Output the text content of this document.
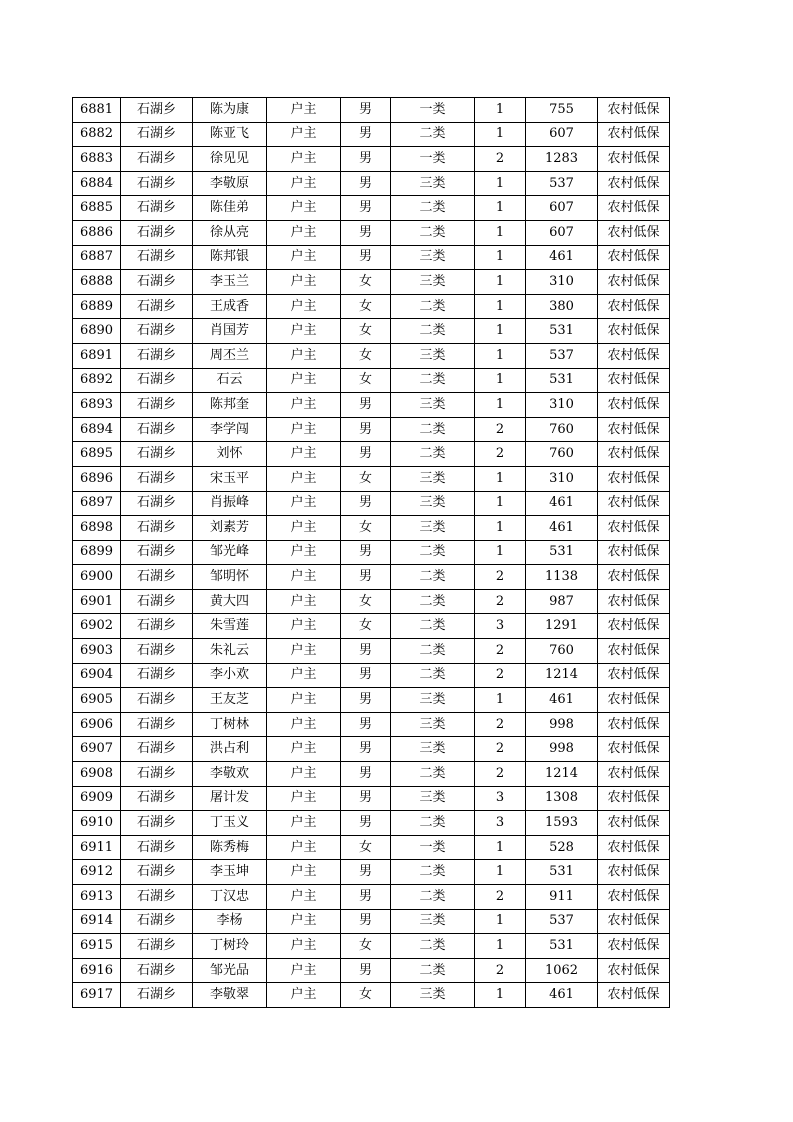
6881	石湖乡	陈为康	户主	男	一类	1	755	农村低保
6882	石湖乡	陈亚飞	户主	男	二类	1	607	农村低保
6883	石湖乡	徐见见	户主	男	一类	2	1283	农村低保
6884	石湖乡	李敬原	户主	男	三类	1	537	农村低保
6885	石湖乡	陈佳弟	户主	男	二类	1	607	农村低保
6886	石湖乡	徐从亮	户主	男	二类	1	607	农村低保
6887	石湖乡	陈邦银	户主	男	三类	1	461	农村低保
6888	石湖乡	李玉兰	户主	女	三类	1	310	农村低保
6889	石湖乡	王成香	户主	女	二类	1	380	农村低保
6890	石湖乡	肖国芳	户主	女	二类	1	531	农村低保
6891	石湖乡	周丕兰	户主	女	三类	1	537	农村低保
6892	石湖乡	石云	户主	女	二类	1	531	农村低保
6893	石湖乡	陈邦奎	户主	男	三类	1	310	农村低保
6894	石湖乡	李学闯	户主	男	二类	2	760	农村低保
6895	石湖乡	刘怀	户主	男	二类	2	760	农村低保
6896	石湖乡	宋玉平	户主	女	三类	1	310	农村低保
6897	石湖乡	肖振峰	户主	男	三类	1	461	农村低保
6898	石湖乡	刘素芳	户主	女	三类	1	461	农村低保
6899	石湖乡	邹光峰	户主	男	二类	1	531	农村低保
6900	石湖乡	邹明怀	户主	男	二类	2	1138	农村低保
6901	石湖乡	黄大四	户主	女	二类	2	987	农村低保
6902	石湖乡	朱雪莲	户主	女	二类	3	1291	农村低保
6903	石湖乡	朱礼云	户主	男	二类	2	760	农村低保
6904	石湖乡	李小欢	户主	男	二类	2	1214	农村低保
6905	石湖乡	王友芝	户主	男	三类	1	461	农村低保
6906	石湖乡	丁树林	户主	男	三类	2	998	农村低保
6907	石湖乡	洪占利	户主	男	三类	2	998	农村低保
6908	石湖乡	李敬欢	户主	男	二类	2	1214	农村低保
6909	石湖乡	屠计发	户主	男	三类	3	1308	农村低保
6910	石湖乡	丁玉义	户主	男	二类	3	1593	农村低保
6911	石湖乡	陈秀梅	户主	女	一类	1	528	农村低保
6912	石湖乡	李玉坤	户主	男	二类	1	531	农村低保
6913	石湖乡	丁汉忠	户主	男	二类	2	911	农村低保
6914	石湖乡	李杨	户主	男	三类	1	537	农村低保
6915	石湖乡	丁树玲	户主	女	二类	1	531	农村低保
6916	石湖乡	邹光品	户主	男	二类	2	1062	农村低保
6917	石湖乡	李敬翠	户主	女	三类	1	461	农村低保
